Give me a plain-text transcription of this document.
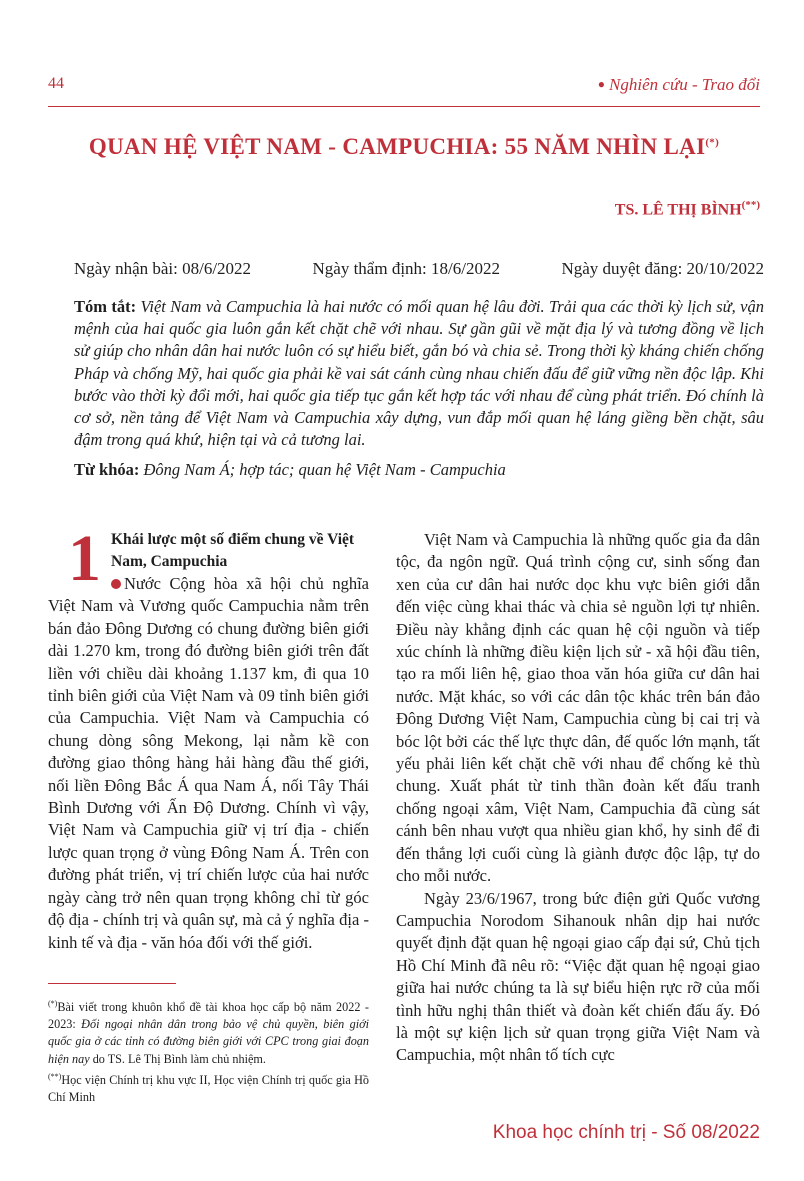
44	● Nghiên cứu - Trao đổi
QUAN HỆ VIỆT NAM - CAMPUCHIA: 55 NĂM NHÌN LẠI(*)
TS. LÊ THỊ BÌNH(**)
Ngày nhận bài: 08/6/2022	Ngày thẩm định: 18/6/2022	Ngày duyệt đăng: 20/10/2022
Tóm tắt: Việt Nam và Campuchia là hai nước có mối quan hệ lâu đời. Trải qua các thời kỳ lịch sử, vận mệnh của hai quốc gia luôn gắn kết chặt chẽ với nhau. Sự gần gũi về mặt địa lý và tương đồng về lịch sử giúp cho nhân dân hai nước luôn có sự hiểu biết, gắn bó và chia sẻ. Trong thời kỳ kháng chiến chống Pháp và chống Mỹ, hai quốc gia phải kề vai sát cánh cùng nhau chiến đấu để giữ vững nền độc lập. Khi bước vào thời kỳ đổi mới, hai quốc gia tiếp tục gắn kết hợp tác với nhau để cùng phát triển. Đó chính là cơ sở, nền tảng để Việt Nam và Campuchia xây dựng, vun đắp mối quan hệ láng giềng bền chặt, sâu đậm trong quá khứ, hiện tại và cả tương lai.
Từ khóa: Đông Nam Á; hợp tác; quan hệ Việt Nam - Campuchia
1 Khái lược một số điểm chung về Việt Nam, Campuchia

Nước Cộng hòa xã hội chủ nghĩa Việt Nam và Vương quốc Campuchia nằm trên bán đảo Đông Dương có chung đường biên giới dài 1.270 km, trong đó đường biên giới trên đất liền với chiều dài khoảng 1.137 km, đi qua 10 tỉnh biên giới của Việt Nam và 09 tỉnh biên giới của Campuchia. Việt Nam và Campuchia có chung dòng sông Mekong, lại nằm kề con đường giao thông hàng hải hàng đầu thế giới, nối liền Đông Bắc Á qua Nam Á, nối Tây Thái Bình Dương với Ấn Độ Dương. Chính vì vậy, Việt Nam và Campuchia giữ vị trí địa - chiến lược quan trọng ở vùng Đông Nam Á. Trên con đường phát triển, vị trí chiến lược của hai nước ngày càng trở nên quan trọng không chỉ từ góc độ địa - chính trị và quân sự, mà cả ý nghĩa địa - kinh tế và địa - văn hóa đối với thế giới.

Việt Nam và Campuchia là những quốc gia đa dân tộc, đa ngôn ngữ. Quá trình cộng cư, sinh sống đan xen của cư dân hai nước dọc khu vực biên giới dẫn đến việc cùng khai thác và chia sẻ nguồn lợi tự nhiên. Điều này khẳng định các quan hệ cội nguồn và tiếp xúc chính là những điều kiện lịch sử - xã hội đầu tiên, tạo ra mối liên hệ, giao thoa văn hóa giữa cư dân hai nước. Mặt khác, so với các dân tộc khác trên bán đảo Đông Dương Việt Nam, Campuchia cùng bị cai trị và bóc lột bởi các thế lực thực dân, đế quốc lớn mạnh, tất yếu phải liên kết chặt chẽ với nhau để chống kẻ thù chung. Xuất phát từ tinh thần đoàn kết đấu tranh chống ngoại xâm, Việt Nam, Campuchia đã cùng sát cánh bên nhau vượt qua nhiều gian khổ, hy sinh để đi đến thắng lợi cuối cùng là giành được độc lập, tự do cho mỗi nước.

Ngày 23/6/1967, trong bức điện gửi Quốc vương Campuchia Norodom Sihanouk nhân dịp hai nước quyết định đặt quan hệ ngoại giao cấp đại sứ, Chủ tịch Hồ Chí Minh đã nêu rõ: “Việc đặt quan hệ ngoại giao giữa hai nước chúng ta là sự biểu hiện rực rỡ của mối tình hữu nghị thân thiết và đoàn kết chiến đấu ấy. Đó là một sự kiện lịch sử quan trọng giữa Việt Nam và Campuchia, một nhân tố tích cực

(*)Bài viết trong khuôn khổ đề tài khoa học cấp bộ năm 2022 - 2023: Đối ngoại nhân dân trong bảo vệ chủ quyền, biên giới quốc gia ở các tỉnh có đường biên giới với CPC trong giai đoạn hiện nay do TS. Lê Thị Bình làm chủ nhiệm.
(**)Học viện Chính trị khu vực II, Học viện Chính trị quốc gia Hồ Chí Minh
Khoa học chính trị - Số 08/2022
